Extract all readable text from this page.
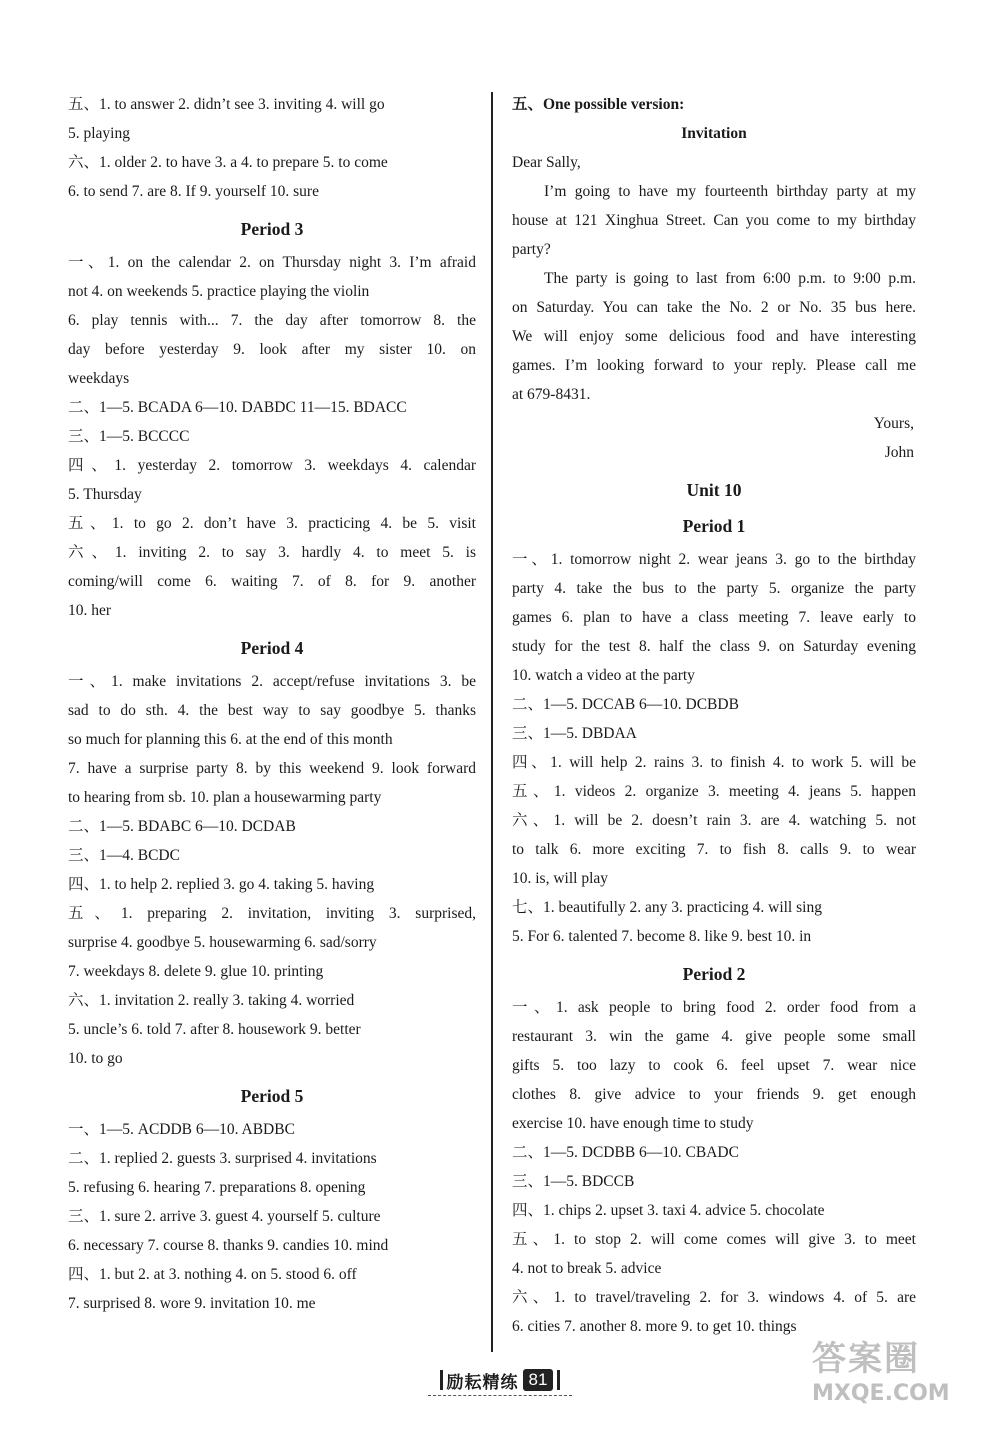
五、1. to answer 2. didn’t see 3. inviting 4. will go
5. playing
六、1. older 2. to have 3. a 4. to prepare 5. to come
6. to send 7. are 8. If 9. yourself 10. sure
Period 3
一、1. on the calendar 2. on Thursday night 3. I’m afraid
not 4. on weekends 5. practice playing the violin
6. play tennis with... 7. the day after tomorrow 8. the
day before yesterday 9. look after my sister 10. on
weekdays
二、1—5. BCADA 6—10. DABDC 11—15. BDACC
三、1—5. BCCCC
四、1. yesterday 2. tomorrow 3. weekdays 4. calendar
5. Thursday
五、1. to go 2. don’t have 3. practicing 4. be 5. visit
六、1. inviting 2. to say 3. hardly 4. to meet 5. is
coming/will come 6. waiting 7. of 8. for 9. another
10. her
Period 4
一、1. make invitations 2. accept/refuse invitations 3. be
sad to do sth. 4. the best way to say goodbye 5. thanks
so much for planning this 6. at the end of this month
7. have a surprise party 8. by this weekend 9. look forward
to hearing from sb. 10. plan a housewarming party
二、1—5. BDABC 6—10. DCDAB
三、1—4. BCDC
四、1. to help 2. replied 3. go 4. taking 5. having
五、1. preparing 2. invitation, inviting 3. surprised,
surprise 4. goodbye 5. housewarming 6. sad/sorry
7. weekdays 8. delete 9. glue 10. printing
六、1. invitation 2. really 3. taking 4. worried
5. uncle’s 6. told 7. after 8. housework 9. better
10. to go
Period 5
一、1—5. ACDDB 6—10. ABDBC
二、1. replied 2. guests 3. surprised 4. invitations
5. refusing 6. hearing 7. preparations 8. opening
三、1. sure 2. arrive 3. guest 4. yourself 5. culture
6. necessary 7. course 8. thanks 9. candies 10. mind
四、1. but 2. at 3. nothing 4. on 5. stood 6. off
7. surprised 8. wore 9. invitation 10. me
五、One possible version:
Invitation
Dear Sally,
I’m going to have my fourteenth birthday party at my
house at 121 Xinghua Street. Can you come to my birthday
party?
The party is going to last from 6:00 p.m. to 9:00 p.m.
on Saturday. You can take the No. 2 or No. 35 bus here.
We will enjoy some delicious food and have interesting
games. I’m looking forward to your reply. Please call me
at 679-8431.
Yours,
John
Unit 10
Period 1
一、1. tomorrow night 2. wear jeans 3. go to the birthday
party 4. take the bus to the party 5. organize the party
games 6. plan to have a class meeting 7. leave early to
study for the test 8. half the class 9. on Saturday evening
10. watch a video at the party
二、1—5. DCCAB 6—10. DCBDB
三、1—5. DBDAA
四、1. will help 2. rains 3. to finish 4. to work 5. will be
五、1. videos 2. organize 3. meeting 4. jeans 5. happen
六、1. will be 2. doesn’t rain 3. are 4. watching 5. not
to talk 6. more exciting 7. to fish 8. calls 9. to wear
10. is, will play
七、1. beautifully 2. any 3. practicing 4. will sing
5. For 6. talented 7. become 8. like 9. best 10. in
Period 2
一、1. ask people to bring food 2. order food from a
restaurant 3. win the game 4. give people some small
gifts 5. too lazy to cook 6. feel upset 7. wear nice
clothes 8. give advice to your friends 9. get enough
exercise 10. have enough time to study
二、1—5. DCDBB 6—10. CBADC
三、1—5. BDCCB
四、1. chips 2. upset 3. taxi 4. advice 5. chocolate
五、1. to stop 2. will come comes will give 3. to meet
4. not to break 5. advice
六、1. to travel/traveling 2. for 3. windows 4. of 5. are
6. cities 7. another 8. more 9. to get 10. things
励耘精练 81
答案圈
MXQE.COM
